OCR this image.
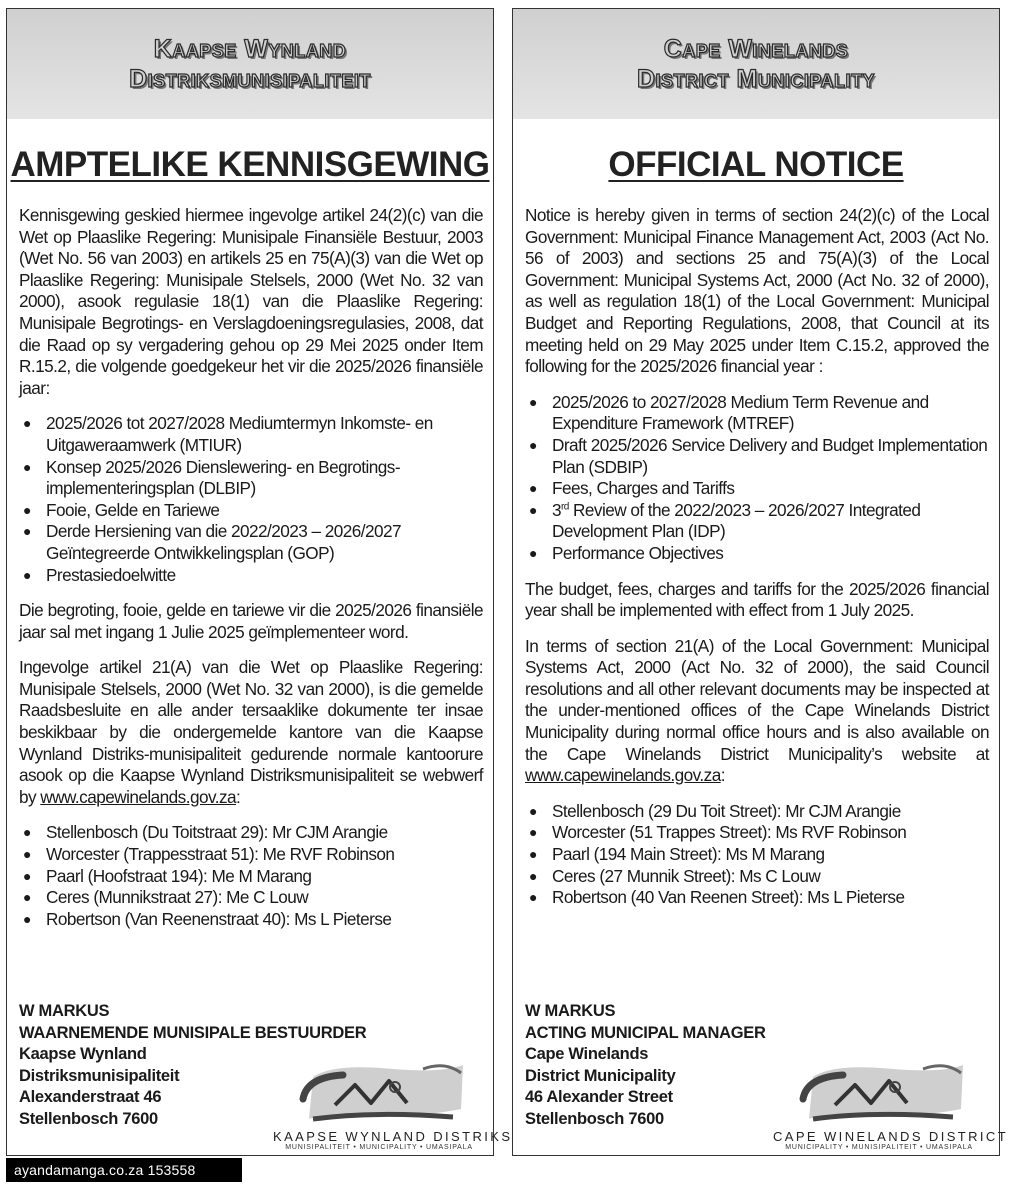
Kaapse Wynland
Distriksmunisipaliteit
AMPTELIKE KENNISGEWING

Kennisgewing geskied hiermee ingevolge artikel 24(2)(c) van die Wet op Plaaslike Regering: Munisipale Finansiële Bestuur, 2003 (Wet No. 56 van 2003) en artikels 25 en 75(A)(3) van die Wet op Plaaslike Regering: Munisipale Stelsels, 2000 (Wet No. 32 van 2000), asook regulasie 18(1) van die Plaaslike Regering: Munisipale Begrotings- en Verslagdoeningsregulasies, 2008, dat die Raad op sy vergadering gehou op 29 Mei 2025 onder Item R.15.2, die volgende goedgekeur het vir die 2025/2026 finansiële jaar:

● 2025/2026 tot 2027/2028 Mediumtermyn Inkomste- en Uitgaweraamwerk (MTIUR)
● Konsep 2025/2026 Dienslewering- en Begrotings-implementeringsplan (DLBIP)
● Fooie, Gelde en Tariewe
● Derde Hersiening van die 2022/2023 – 2026/2027 Geïntegreerde Ontwikkelingsplan (GOP)
● Prestasiedoelwitte

Die begroting, fooie, gelde en tariewe vir die 2025/2026 finansiële jaar sal met ingang 1 Julie 2025 geïmplementeer word.

Ingevolge artikel 21(A) van die Wet op Plaaslike Regering: Munisipale Stelsels, 2000 (Wet No. 32 van 2000), is die gemelde Raadsbesluite en alle ander tersaaklike dokumente ter insae beskikbaar by die ondergemelde kantore van die Kaapse Wynland Distriks-munisipaliteit gedurende normale kantoorure asook op die Kaapse Wynland Distriksmunisipaliteit se webwerf by www.capewinelands.gov.za:

● Stellenbosch (Du Toitstraat 29): Mr CJM Arangie
● Worcester (Trappesstraat 51): Me RVF Robinson
● Paarl (Hoofstraat 194): Me M Marang
● Ceres (Munnikstraat 27): Me C Louw
● Robertson (Van Reenenstraat 40): Ms L Pieterse
W MARKUS
WAARNEMENDE MUNISIPALE BESTUURDER
Kaapse Wynland
Distriksmunisipaliteit
Alexanderstraat 46
Stellenbosch 7600
KAAPSE WYNLAND DISTRIKS
MUNISIPALITEIT • MUNICIPALITY • UMASIPALA
Cape Winelands
District Municipality
OFFICIAL NOTICE

Notice is hereby given in terms of section 24(2)(c) of the Local Government: Municipal Finance Management Act, 2003 (Act No. 56 of 2003) and sections 25 and 75(A)(3) of the Local Government: Municipal Systems Act, 2000 (Act No. 32 of 2000), as well as regulation 18(1) of the Local Government: Municipal Budget and Reporting Regulations, 2008, that Council at its meeting held on 29 May 2025 under Item C.15.2, approved the following for the 2025/2026 financial year :

● 2025/2026 to 2027/2028 Medium Term Revenue and Expenditure Framework (MTREF)
● Draft 2025/2026 Service Delivery and Budget Implementation Plan (SDBIP)
● Fees, Charges and Tariffs
● 3rd Review of the 2022/2023 – 2026/2027 Integrated Development Plan (IDP)
● Performance Objectives

The budget, fees, charges and tariffs for the 2025/2026 financial year shall be implemented with effect from 1 July 2025.

In terms of section 21(A) of the Local Government: Municipal Systems Act, 2000 (Act No. 32 of 2000), the said Council resolutions and all other relevant documents may be inspected at the under-mentioned offices of the Cape Winelands District Municipality during normal office hours and is also available on the Cape Winelands District Municipality’s website at www.capewinelands.gov.za:

● Stellenbosch (29 Du Toit Street): Mr CJM Arangie
● Worcester (51 Trappes Street): Ms RVF Robinson
● Paarl (194 Main Street): Ms M Marang
● Ceres (27 Munnik Street): Ms C Louw
● Robertson (40 Van Reenen Street): Ms L Pieterse
W MARKUS
ACTING MUNICIPAL MANAGER
Cape Winelands
District Municipality
46 Alexander Street
Stellenbosch 7600
CAPE WINELANDS DISTRICT
MUNICIPALITY • MUNISIPALITEIT • UMASIPALA
ayandamanga.co.za 153558
